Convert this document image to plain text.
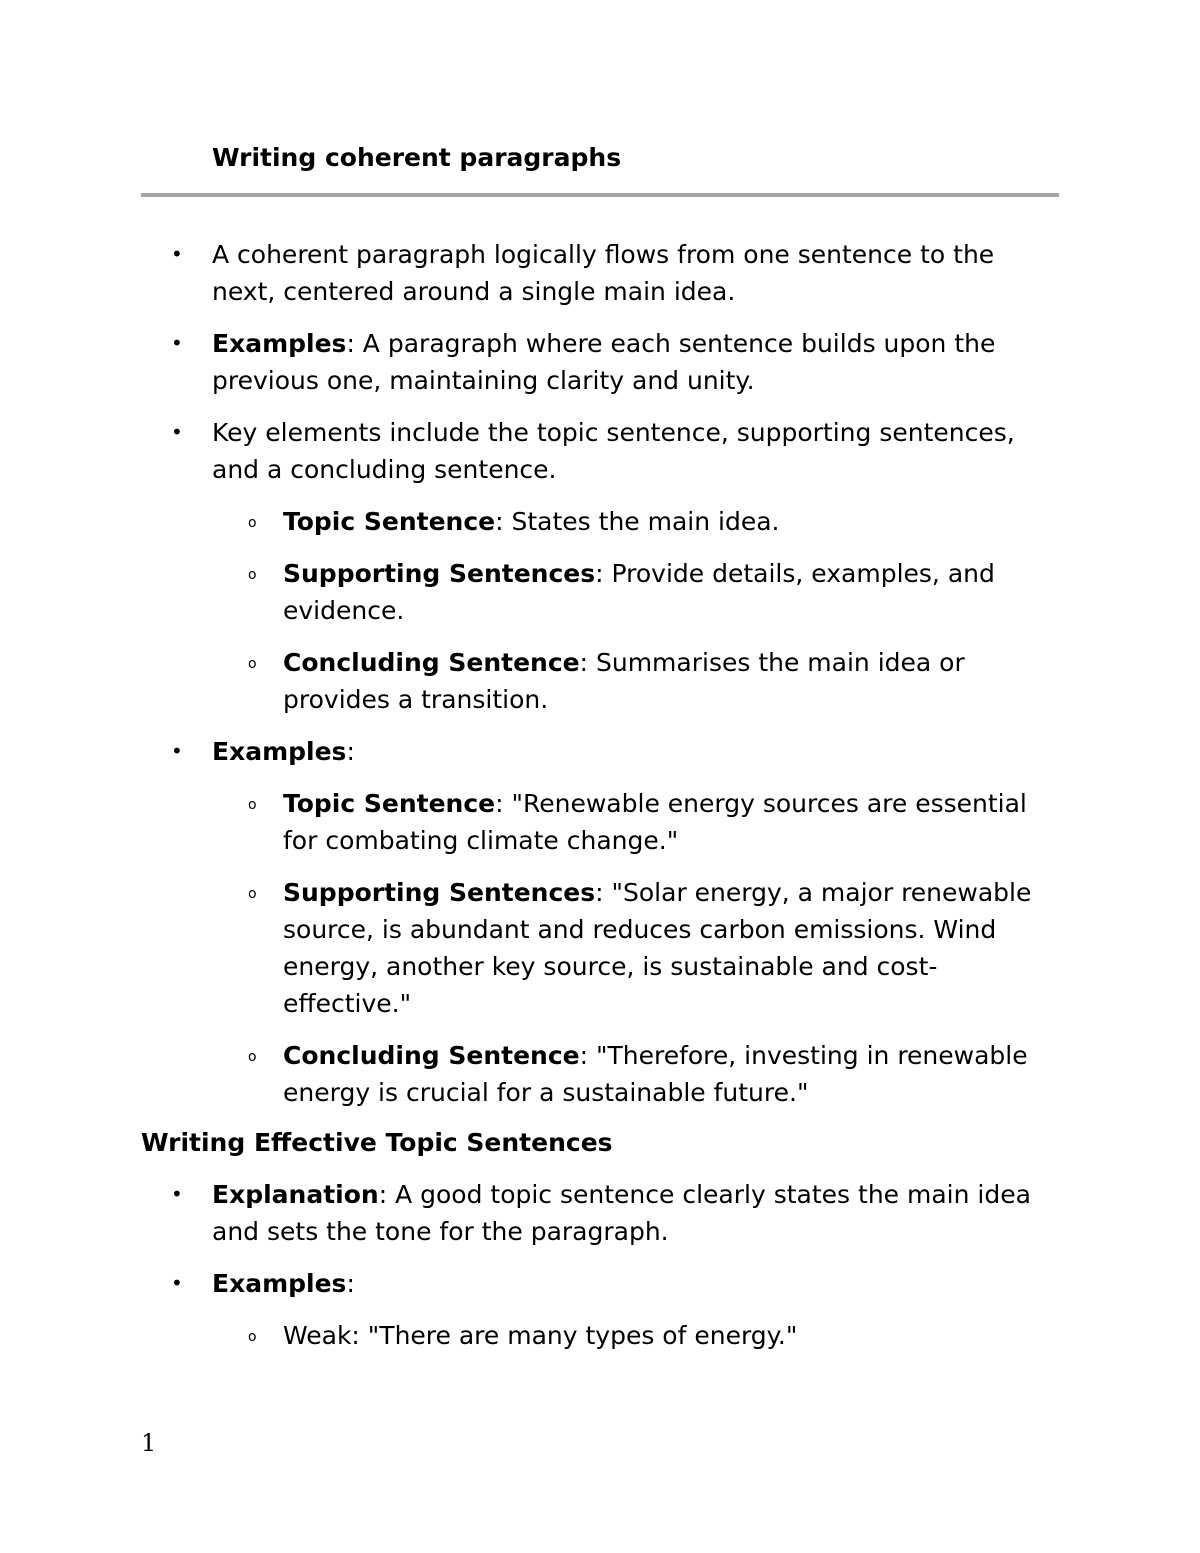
Writing coherent paragraphs
• A coherent paragraph logically flows from one sentence to the next, centered around a single main idea.
• Examples: A paragraph where each sentence builds upon the previous one, maintaining clarity and unity.
• Key elements include the topic sentence, supporting sentences, and a concluding sentence.
o Topic Sentence: States the main idea.
o Supporting Sentences: Provide details, examples, and evidence.
o Concluding Sentence: Summarises the main idea or provides a transition.
• Examples:
o Topic Sentence: "Renewable energy sources are essential for combating climate change."
o Supporting Sentences: "Solar energy, a major renewable source, is abundant and reduces carbon emissions. Wind energy, another key source, is sustainable and cost-effective."
o Concluding Sentence: "Therefore, investing in renewable energy is crucial for a sustainable future."
Writing Effective Topic Sentences
• Explanation: A good topic sentence clearly states the main idea and sets the tone for the paragraph.
• Examples:
o Weak: "There are many types of energy."
1
